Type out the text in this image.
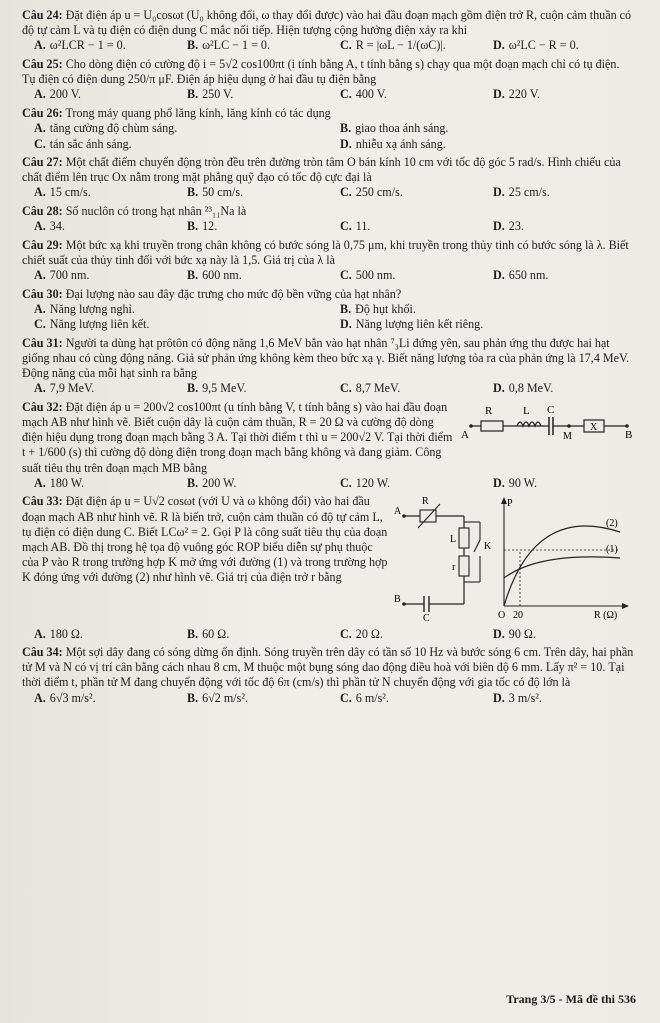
Câu 24: Đặt điện áp u = U₀cosωt (U₀ không đổi, ω thay đổi được) vào hai đầu đoạn mạch gồm điện trở R, cuộn cảm thuần có độ tự cảm L và tụ điện có điện dung C mắc nối tiếp. Hiện tượng cộng hưởng điện xảy ra khi
A. ω²LCR − 1 = 0.	B. ω²LC − 1 = 0.	C. R = |ωL − 1/(ωC)|.	D. ω²LC − R = 0.
Câu 25: Cho dòng điện có cường độ i = 5√2 cos100πt (i tính bằng A, t tính bằng s) chạy qua một đoạn mạch chỉ có tụ điện. Tụ điện có điện dung 250/π μF. Điện áp hiệu dụng ở hai đầu tụ điện bằng
A. 200 V.	B. 250 V.	C. 400 V.	D. 220 V.
Câu 26: Trong máy quang phổ lăng kính, lăng kính có tác dụng
A. tăng cường độ chùm sáng.	B. giao thoa ánh sáng.
C. tán sắc ánh sáng.	D. nhiễu xạ ánh sáng.
Câu 27: Một chất điểm chuyển động tròn đều trên đường tròn tâm O bán kính 10 cm với tốc độ góc 5 rad/s. Hình chiếu của chất điểm lên trục Ox nằm trong mặt phẳng quỹ đạo có tốc độ cực đại là
A. 15 cm/s.	B. 50 cm/s.	C. 250 cm/s.	D. 25 cm/s.
Câu 28: Số nuclôn có trong hạt nhân ²³₁₁Na là
A. 34.	B. 12.	C. 11.	D. 23.
Câu 29: Một bức xạ khi truyền trong chân không có bước sóng là 0,75 μm, khi truyền trong thủy tinh có bước sóng là λ. Biết chiết suất của thủy tinh đối với bức xạ này là 1,5. Giá trị của λ là
A. 700 nm.	B. 600 nm.	C. 500 nm.	D. 650 nm.
Câu 30: Đại lượng nào sau đây đặc trưng cho mức độ bền vững của hạt nhân?
A. Năng lượng nghỉ.	B. Độ hụt khối.
C. Năng lượng liên kết.	D. Năng lượng liên kết riêng.
Câu 31: Người ta dùng hạt prôtôn có động năng 1,6 MeV bắn vào hạt nhân ⁷₃Li đứng yên, sau phản ứng thu được hai hạt giống nhau có cùng động năng. Giả sử phản ứng không kèm theo bức xạ γ. Biết năng lượng tỏa ra của phản ứng là 17,4 MeV. Động năng của mỗi hạt sinh ra bằng
A. 7,9 MeV.	B. 9,5 MeV.	C. 8,7 MeV.	D. 0,8 MeV.
Câu 32: Đặt điện áp u = 200√2 cos100πt (u tính bằng V, t tính bằng s) vào hai đầu đoạn mạch AB như hình vẽ. Biết cuộn dây là cuộn cảm thuần, R = 20 Ω và cường độ dòng điện hiệu dụng trong đoạn mạch bằng 3 A. Tại thời điểm t thì u = 200√2 V. Tại thời điểm t + 1/600 (s) thì cường độ dòng điện trong đoạn mạch bằng không và đang giảm. Công suất tiêu thụ trên đoạn mạch MB bằng
R	L C
M
X
A	B
A. 180 W.	B. 200 W.	C. 120 W.	D. 90 W.
Câu 33: Đặt điện áp u = U√2 cosωt (với U và ω không đổi) vào hai đầu đoạn mạch AB như hình vẽ. R là biến trở, cuộn cảm thuần có độ tự cảm L, tụ điện có điện dung C. Biết LCω² = 2. Gọi P là công suất tiêu thụ của đoạn mạch AB. Đồ thị trong hệ tọa độ vuông góc ROP biểu diễn sự phụ thuộc của P vào R trong trường hợp K mở ứng với đường (1) và trong trường hợp K đóng ứng với đường (2) như hình vẽ. Giá trị của điện trở r bằng
R
L
K
r
C
A
B
P
O 20	R (Ω)
(1)
(2)
A. 180 Ω.	B. 60 Ω.	C. 20 Ω.	D. 90 Ω.
Câu 34: Một sợi dây đang có sóng dừng ổn định. Sóng truyền trên dây có tần số 10 Hz và bước sóng 6 cm. Trên dây, hai phần tử M và N có vị trí cân bằng cách nhau 8 cm, M thuộc một bụng sóng dao động điều hoà với biên độ 6 mm. Lấy π² = 10. Tại thời điểm t, phần tử M đang chuyển động với tốc độ 6π (cm/s) thì phần tử N chuyển động với gia tốc có độ lớn là
A. 6√3 m/s².	B. 6√2 m/s².	C. 6 m/s².	D. 3 m/s².
Trang 3/5 - Mã đề thi 536
